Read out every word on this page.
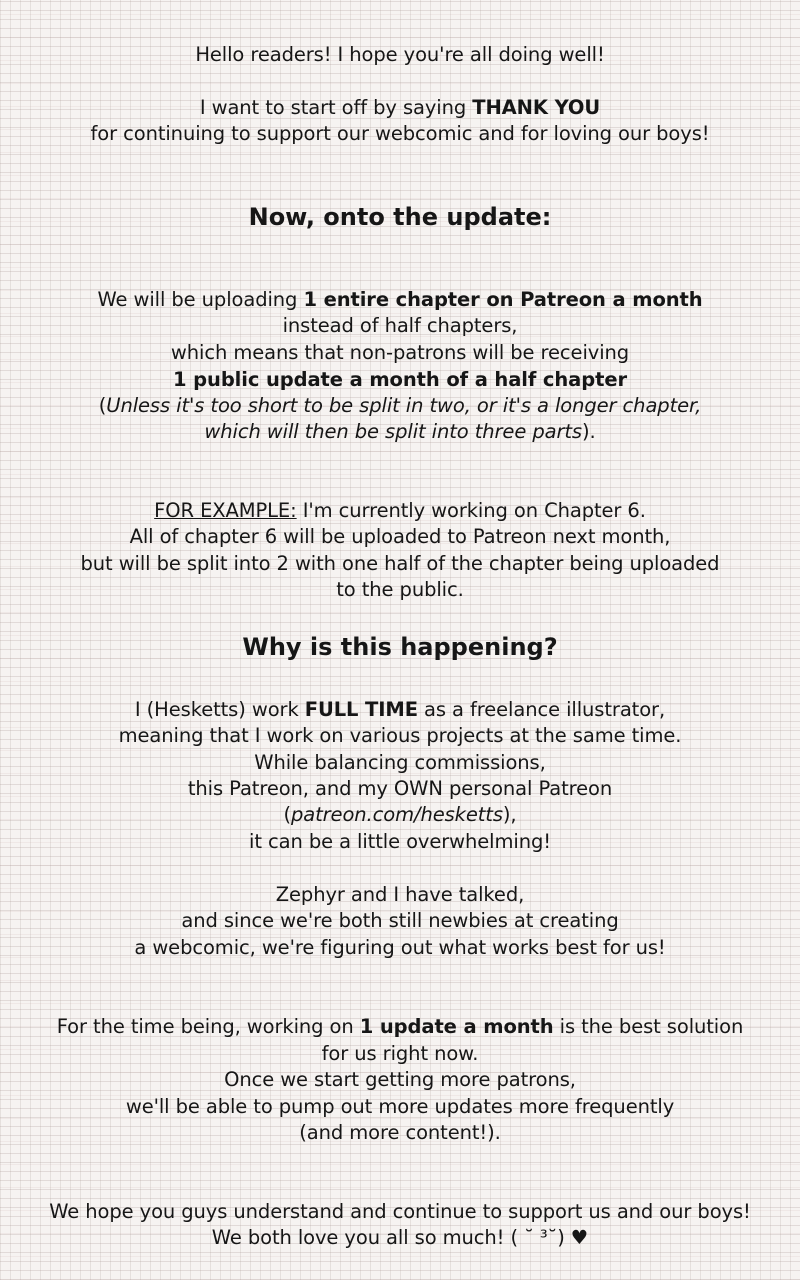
Hello readers! I hope you're all doing well!
I want to start off by saying THANK YOU
for continuing to support our webcomic and for loving our boys!
Now, onto the update:
We will be uploading 1 entire chapter on Patreon a month
instead of half chapters,
which means that non-patrons will be receiving
1 public update a month of a half chapter
(Unless it's too short to be split in two, or it's a longer chapter,
which will then be split into three parts).
FOR EXAMPLE: I'm currently working on Chapter 6.
All of chapter 6 will be uploaded to Patreon next month,
but will be split into 2 with one half of the chapter being uploaded
to the public.
Why is this happening?
I (Hesketts) work FULL TIME as a freelance illustrator,
meaning that I work on various projects at the same time.
While balancing commissions,
this Patreon, and my OWN personal Patreon
(patreon.com/hesketts),
it can be a little overwhelming!
Zephyr and I have talked,
and since we're both still newbies at creating
a webcomic, we're figuring out what works best for us!
For the time being, working on 1 update a month is the best solution
for us right now.
Once we start getting more patrons,
we'll be able to pump out more updates more frequently
(and more content!).
We hope you guys understand and continue to support us and our boys!
We both love you all so much! ( ˘ ³˘) ♥
